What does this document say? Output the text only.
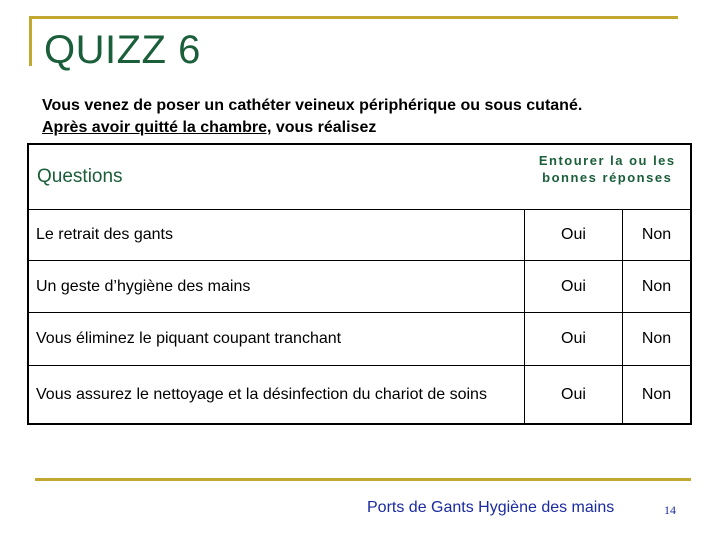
QUIZZ 6
Vous venez de poser un cathéter veineux périphérique ou sous cutané.
Après avoir quitté la chambre, vous réalisez
Questions	Entourer la ou les bonnes réponses	
Le retrait des gants	Oui	Non
Un geste d’hygiène des mains	Oui	Non
Vous éliminez le piquant coupant tranchant	Oui	Non
Vous assurez le nettoyage et la désinfection du chariot de soins	Oui	Non
Ports de Gants Hygiène des mains	14
